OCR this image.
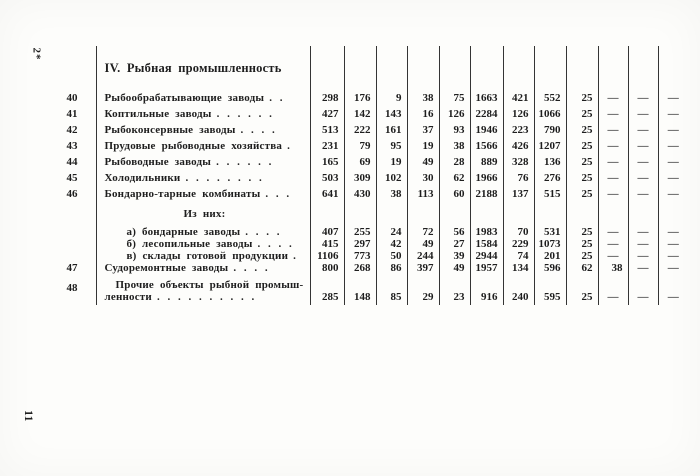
2*

	IV. Рыбная промышленность												

40	Рыбообрабатывающие заводы . .	298	176	9	38	75	1663	421	552	25	—	—	—
41	Коптильные заводы . . . . . .	427	142	143	16	126	2284	126	1066	25	—	—	—
42	Рыбоконсервные заводы . . . .	513	222	161	37	93	1946	223	790	25	—	—	—
43	Прудовые рыбоводные хозяйства .	231	79	95	19	38	1566	426	1207	25	—	—	—
44	Рыбоводные заводы . . . . . .	165	69	19	49	28	889	328	136	25	—	—	—
45	Холодильники . . . . . . . .	503	309	102	30	62	1966	76	276	25	—	—	—
46	Бондарно-тарные комбинаты . . .	641	430	38	113	60	2188	137	515	25	—	—	—

	Из них:												

	а) бондарные заводы . . . .	407	255	24	72	56	1983	70	531	25	—	—	—

	б) лесопильные заводы . . . .	415	297	42	49	27	1584	229	1073	25	—	—	—

	в) склады готовой продукции .	1106	773	50	244	39	2944	74	201	25	—	—	—
47	Судоремонтные заводы . . . .	800	268	86	397	49	1957	134	596	62	38	—	—
48	Прочие объекты рыбной промыш-
ленности . . . . . . . . . .	285	148	85	29	23	916	240	595	25	—	—	—
11
